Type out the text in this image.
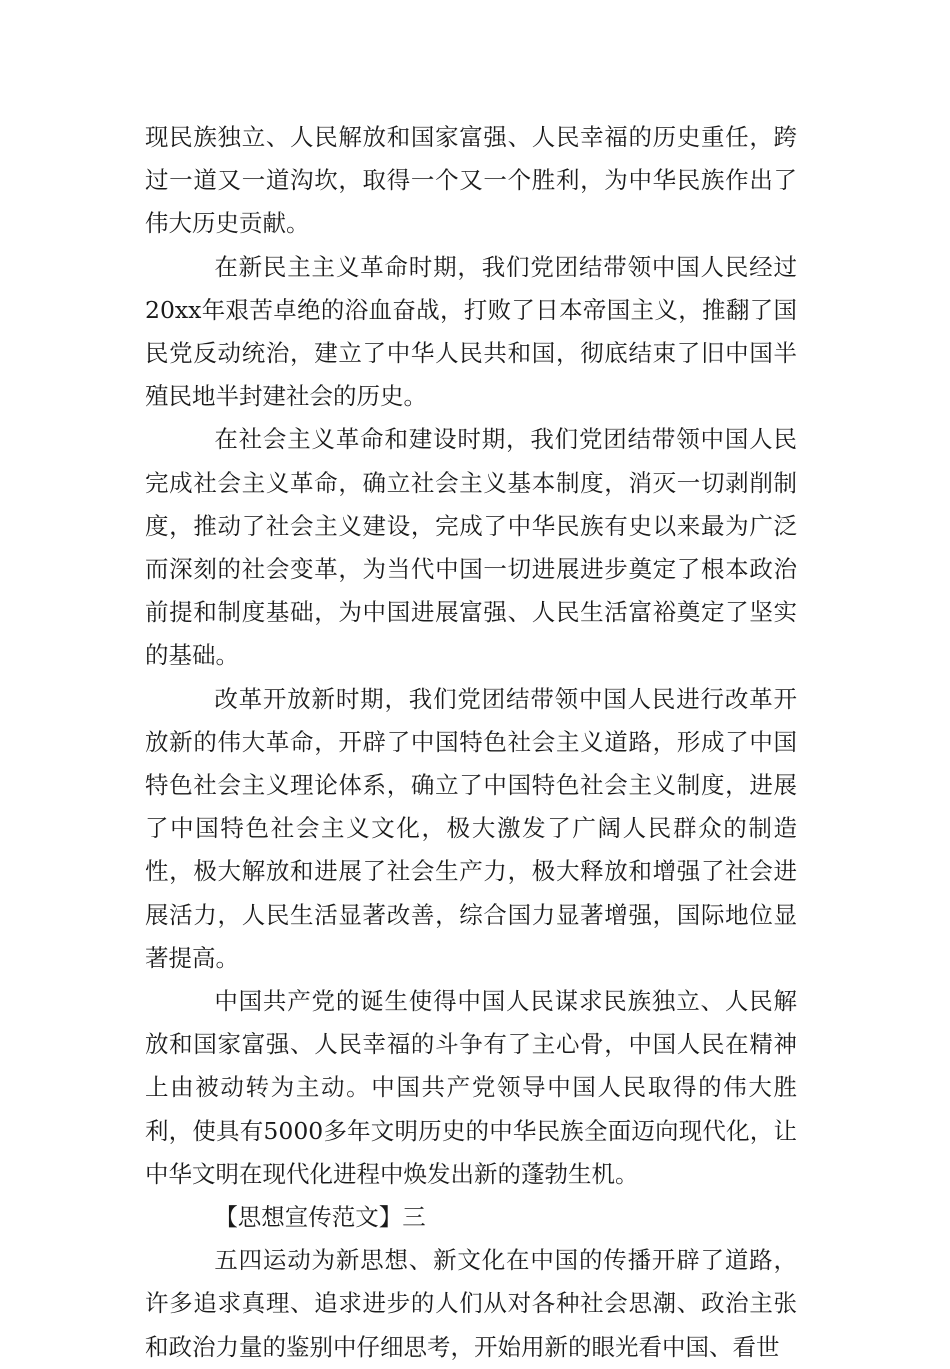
现民族独立、人民解放和国家富强、人民幸福的历史重任，跨过一道又一道沟坎，取得一个又一个胜利，为中华民族作出了伟大历史贡献。

在新民主主义革命时期，我们党团结带领中国人民经过20xx年艰苦卓绝的浴血奋战，打败了日本帝国主义，推翻了国民党反动统治，建立了中华人民共和国，彻底结束了旧中国半殖民地半封建社会的历史。

在社会主义革命和建设时期，我们党团结带领中国人民完成社会主义革命，确立社会主义基本制度，消灭一切剥削制度，推动了社会主义建设，完成了中华民族有史以来最为广泛而深刻的社会变革，为当代中国一切进展进步奠定了根本政治前提和制度基础，为中国进展富强、人民生活富裕奠定了坚实的基础。

改革开放新时期，我们党团结带领中国人民进行改革开放新的伟大革命，开辟了中国特色社会主义道路，形成了中国特色社会主义理论体系，确立了中国特色社会主义制度，进展了中国特色社会主义文化，极大激发了广阔人民群众的制造性，极大解放和进展了社会生产力，极大释放和增强了社会进展活力，人民生活显著改善，综合国力显著增强，国际地位显著提高。

中国共产党的诞生使得中国人民谋求民族独立、人民解放和国家富强、人民幸福的斗争有了主心骨，中国人民在精神上由被动转为主动。中国共产党领导中国人民取得的伟大胜利，使具有5000多年文明历史的中华民族全面迈向现代化，让中华文明在现代化进程中焕发出新的蓬勃生机。

【思想宣传范文】三

五四运动为新思想、新文化在中国的传播开辟了道路，许多追求真理、追求进步的人们从对各种社会思潮、政治主张和政治力量的鉴别中仔细思考，开始用新的眼光看中国、看世
